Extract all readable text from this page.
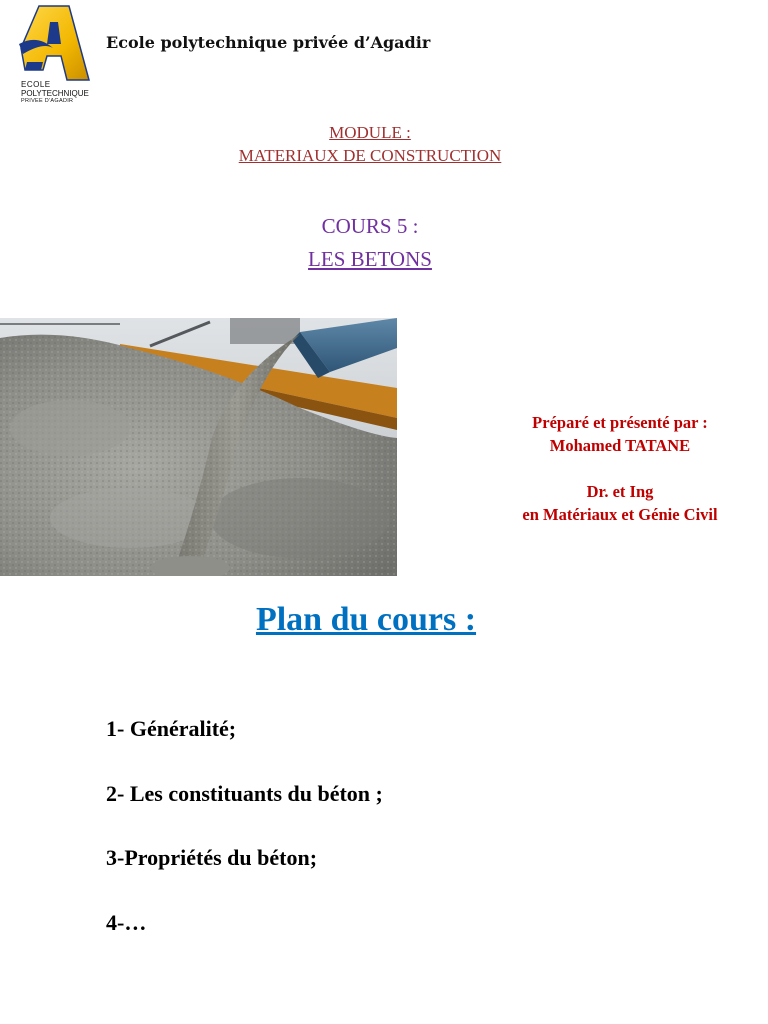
ECOLE
POLYTECHNIQUE
PRIVEE D'AGADIR
Ecole polytechnique privée d’Agadir
MODULE :
MATERIAUX DE CONSTRUCTION
COURS 5 :
LES BETONS
Préparé et présenté par :
Mohamed TATANE
Dr. et Ing
en Matériaux et Génie Civil
Plan du cours :
1- Généralité;
2- Les constituants du béton ;
3-Propriétés du béton;
4-…
